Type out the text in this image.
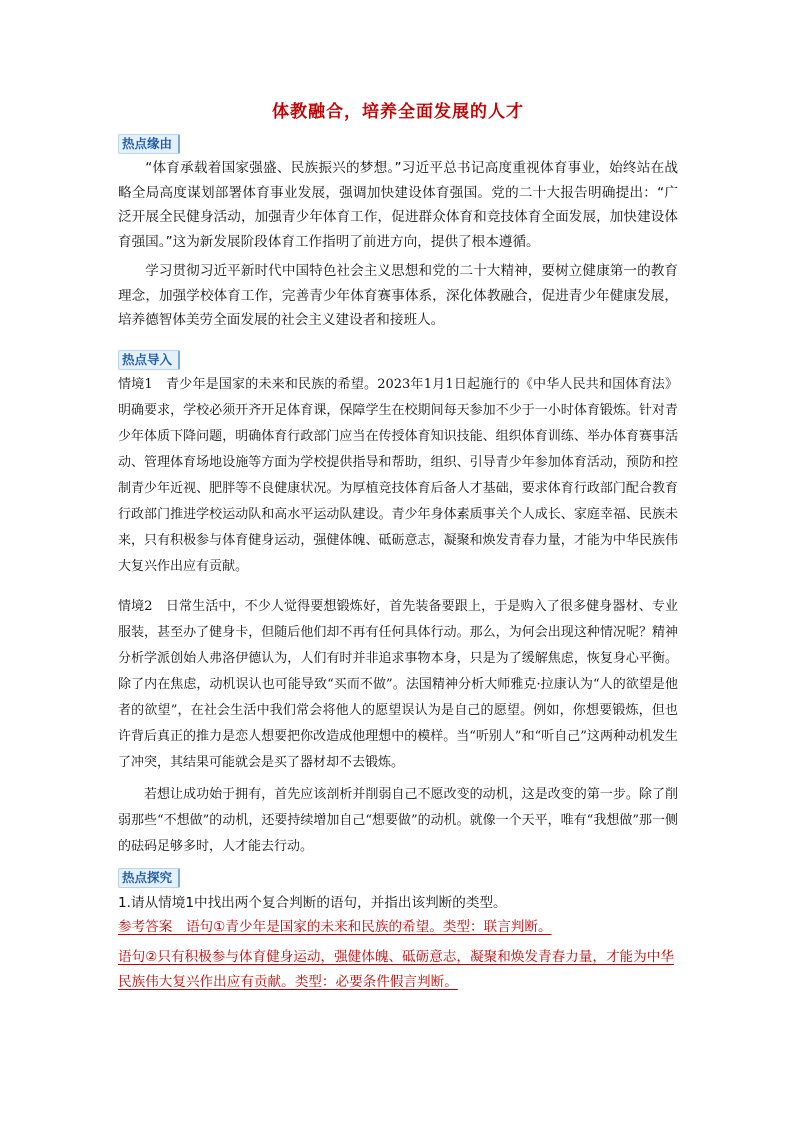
体教融合，培养全面发展的人才
热点缘由
“体育承载着国家强盛、民族振兴的梦想。”习近平总书记高度重视体育事业，始终站在战略全局高度谋划部署体育事业发展，强调加快建设体育强国。党的二十大报告明确提出：“广泛开展全民健身活动，加强青少年体育工作，促进群众体育和竞技体育全面发展，加快建设体育强国。”这为新发展阶段体育工作指明了前进方向，提供了根本遵循。
学习贯彻习近平新时代中国特色社会主义思想和党的二十大精神，要树立健康第一的教育理念，加强学校体育工作，完善青少年体育赛事体系，深化体教融合，促进青少年健康发展，培养德智体美劳全面发展的社会主义建设者和接班人。
热点导入
情境1　青少年是国家的未来和民族的希望。2023年1月1日起施行的《中华人民共和国体育法》明确要求，学校必须开齐开足体育课，保障学生在校期间每天参加不少于一小时体育锻炼。针对青少年体质下降问题，明确体育行政部门应当在传授体育知识技能、组织体育训练、举办体育赛事活动、管理体育场地设施等方面为学校提供指导和帮助，组织、引导青少年参加体育活动，预防和控制青少年近视、肥胖等不良健康状况。为厚植竞技体育后备人才基础，要求体育行政部门配合教育行政部门推进学校运动队和高水平运动队建设。青少年身体素质事关个人成长、家庭幸福、民族未来，只有积极参与体育健身运动，强健体魄、砥砺意志，凝聚和焕发青春力量，才能为中华民族伟大复兴作出应有贡献。
情境2　日常生活中，不少人觉得要想锻炼好，首先装备要跟上，于是购入了很多健身器材、专业服装，甚至办了健身卡，但随后他们却不再有任何具体行动。那么，为何会出现这种情况呢？精神分析学派创始人弗洛伊德认为，人们有时并非追求事物本身，只是为了缓解焦虑，恢复身心平衡。除了内在焦虑，动机误认也可能导致“买而不做”。法国精神分析大师雅克·拉康认为“人的欲望是他者的欲望”，在社会生活中我们常会将他人的愿望误认为是自己的愿望。例如，你想要锻炼，但也许背后真正的推力是恋人想要把你改造成他理想中的模样。当“听别人”和“听自己”这两种动机发生了冲突，其结果可能就会是买了器材却不去锻炼。
若想让成功始于拥有，首先应该剖析并削弱自己不愿改变的动机，这是改变的第一步。除了削弱那些“不想做”的动机，还要持续增加自己“想要做”的动机。就像一个天平，唯有“我想做”那一侧的砝码足够多时，人才能去行动。
热点探究
1.请从情境1中找出两个复合判断的语句，并指出该判断的类型。
参考答案　语句①青少年是国家的未来和民族的希望。类型：联言判断。
语句②只有积极参与体育健身运动，强健体魄、砥砺意志，凝聚和焕发青春力量，才能为中华民族伟大复兴作出应有贡献。类型：必要条件假言判断。
